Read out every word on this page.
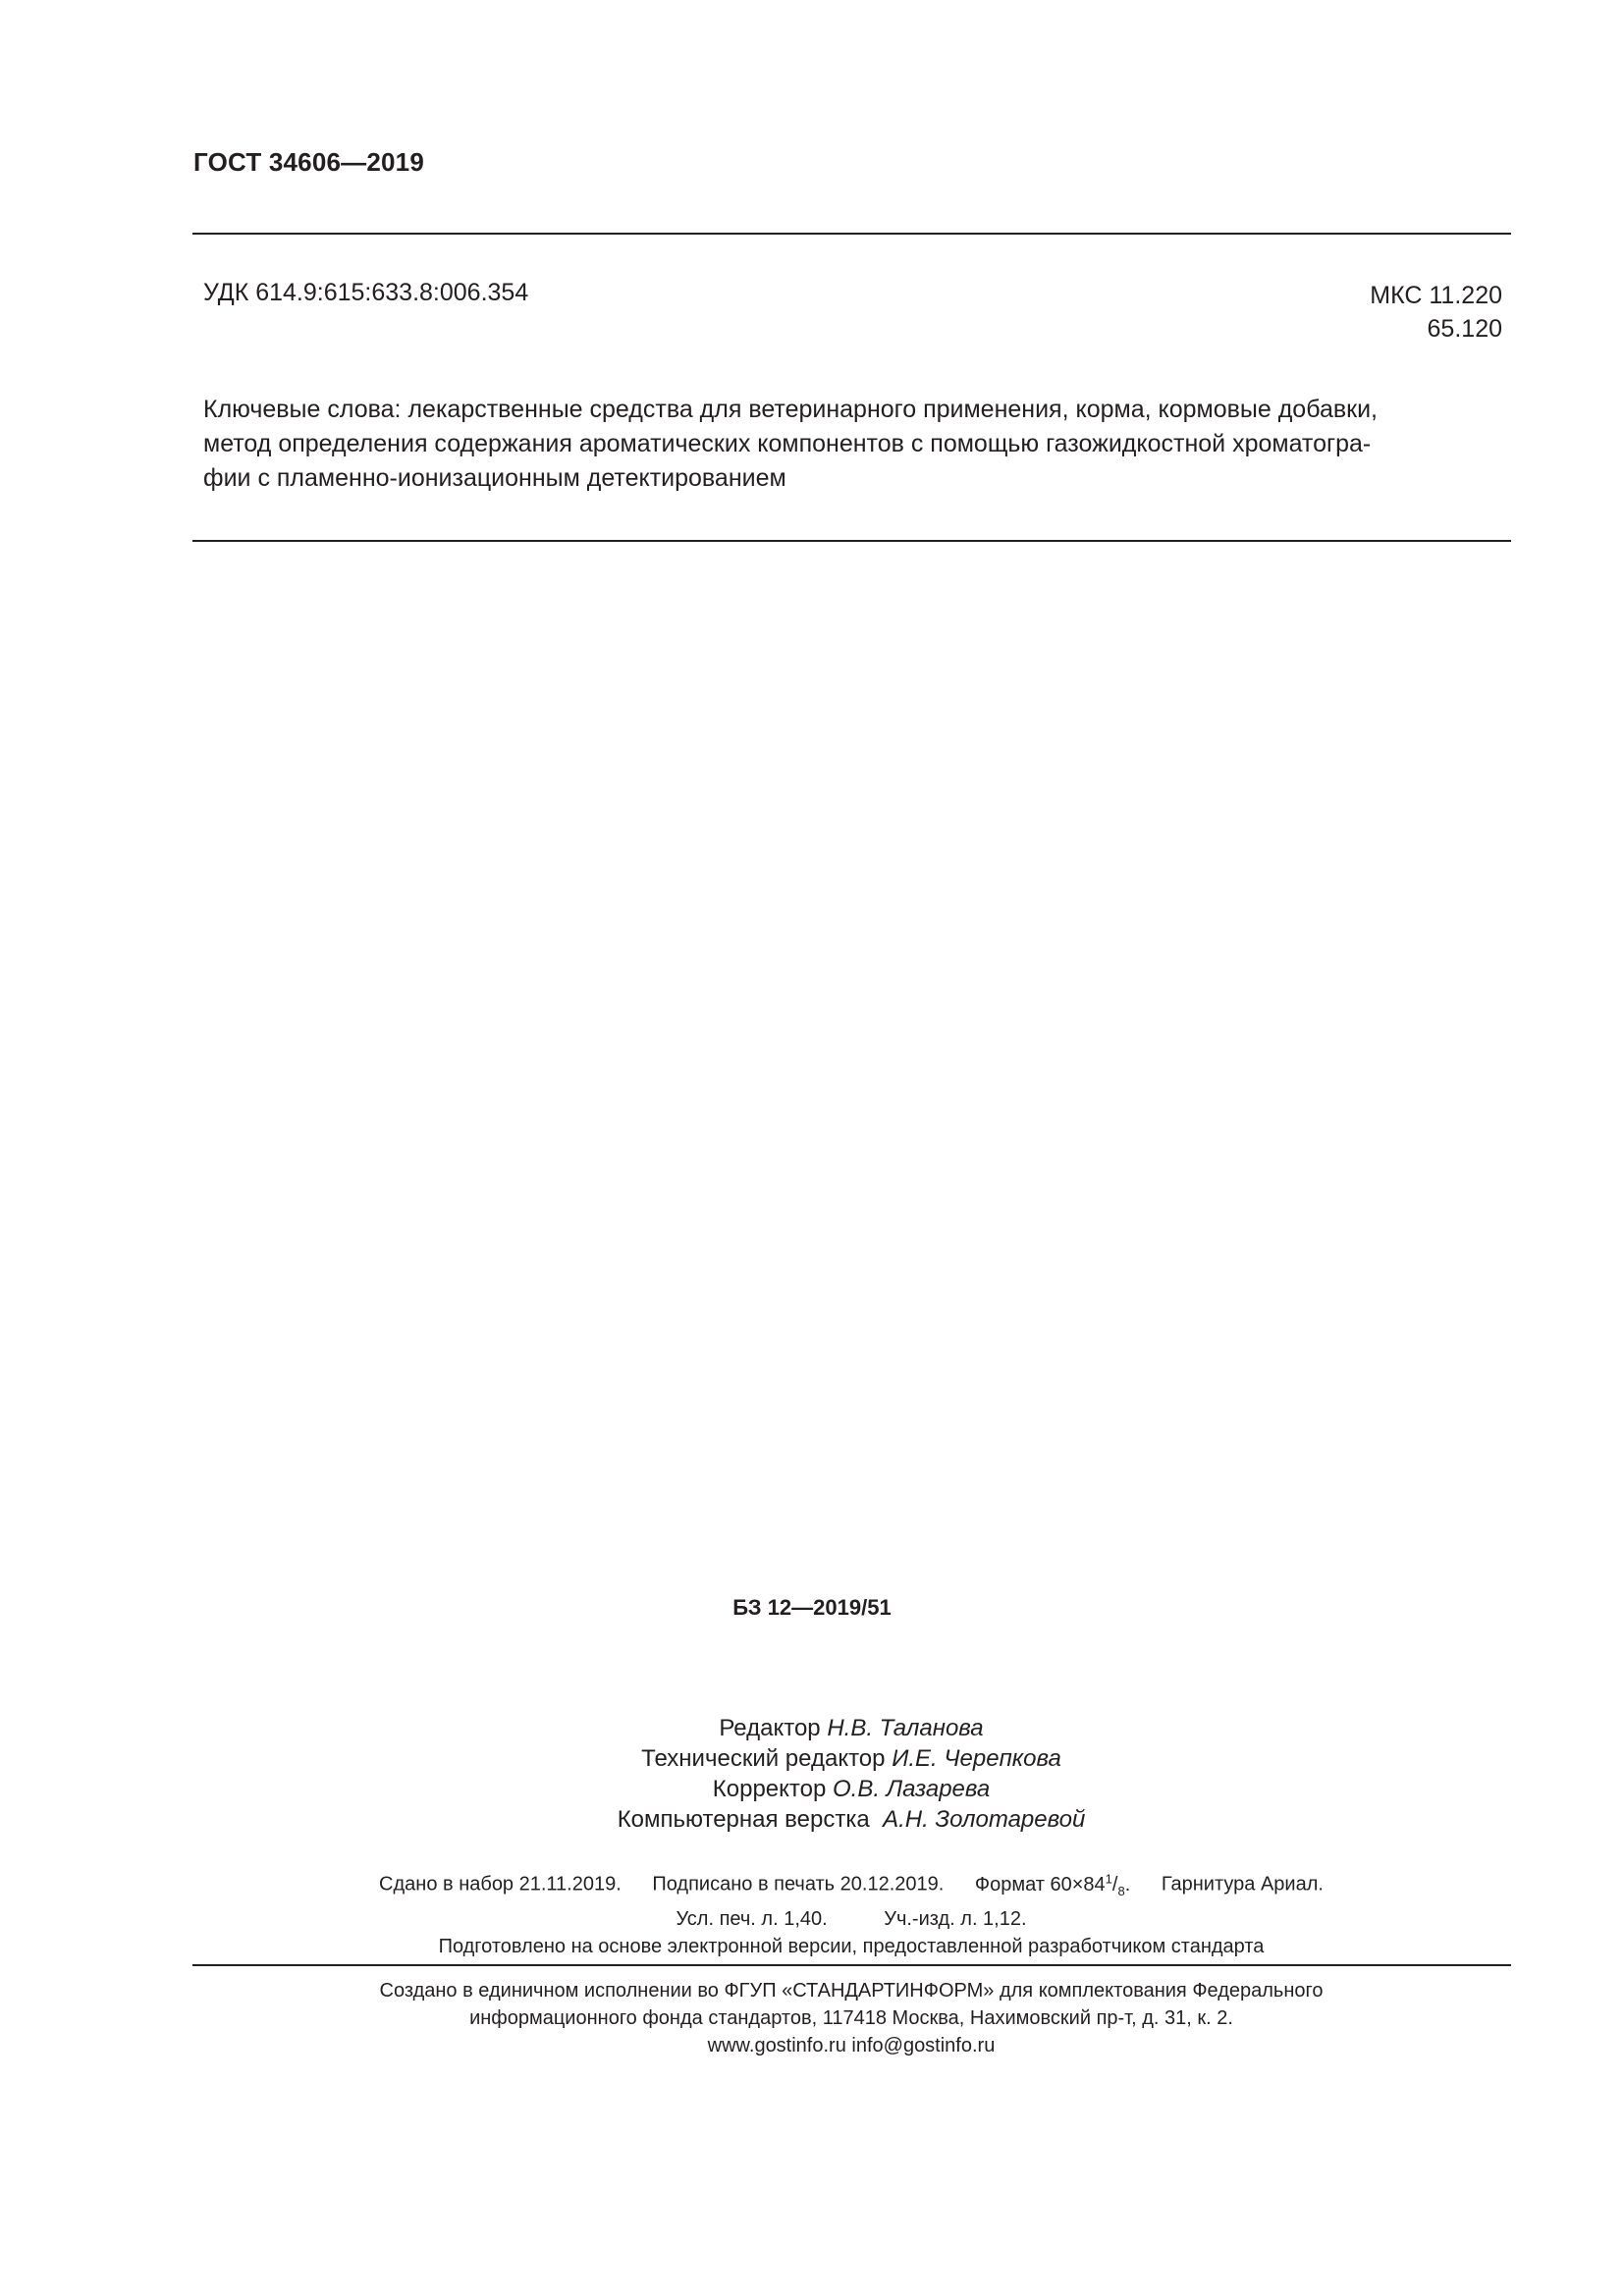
ГОСТ 34606—2019
УДК 614.9:615:633.8:006.354	МКС 11.220
65.120
Ключевые слова: лекарственные средства для ветеринарного применения, корма, кормовые добавки,
метод определения содержания ароматических компонентов с помощью газожидкостной хроматогра-
фии с пламенно-ионизационным детектированием
БЗ 12—2019/51
Редактор Н.В. Таланова
Технический редактор И.Е. Черепкова
Корректор О.В. Лазарева
Компьютерная верстка А.Н. Золотаревой
Сдано в набор 21.11.2019. Подписано в печать 20.12.2019. Формат $60\times 84^1/_8$. Гарнитура Ариал.
Усл. печ. л. 1,40.	Уч.-изд. л. 1,12.
Подготовлено на основе электронной версии, предоставленной разработчиком стандарта
Создано в единичном исполнении во ФГУП «СТАНДАРТИНФОРМ» для комплектования Федерального
информационного фонда стандартов, 117418 Москва, Нахимовский пр-т, д. 31, к. 2.
www.gostinfo.ru info@gostinfo.ru
